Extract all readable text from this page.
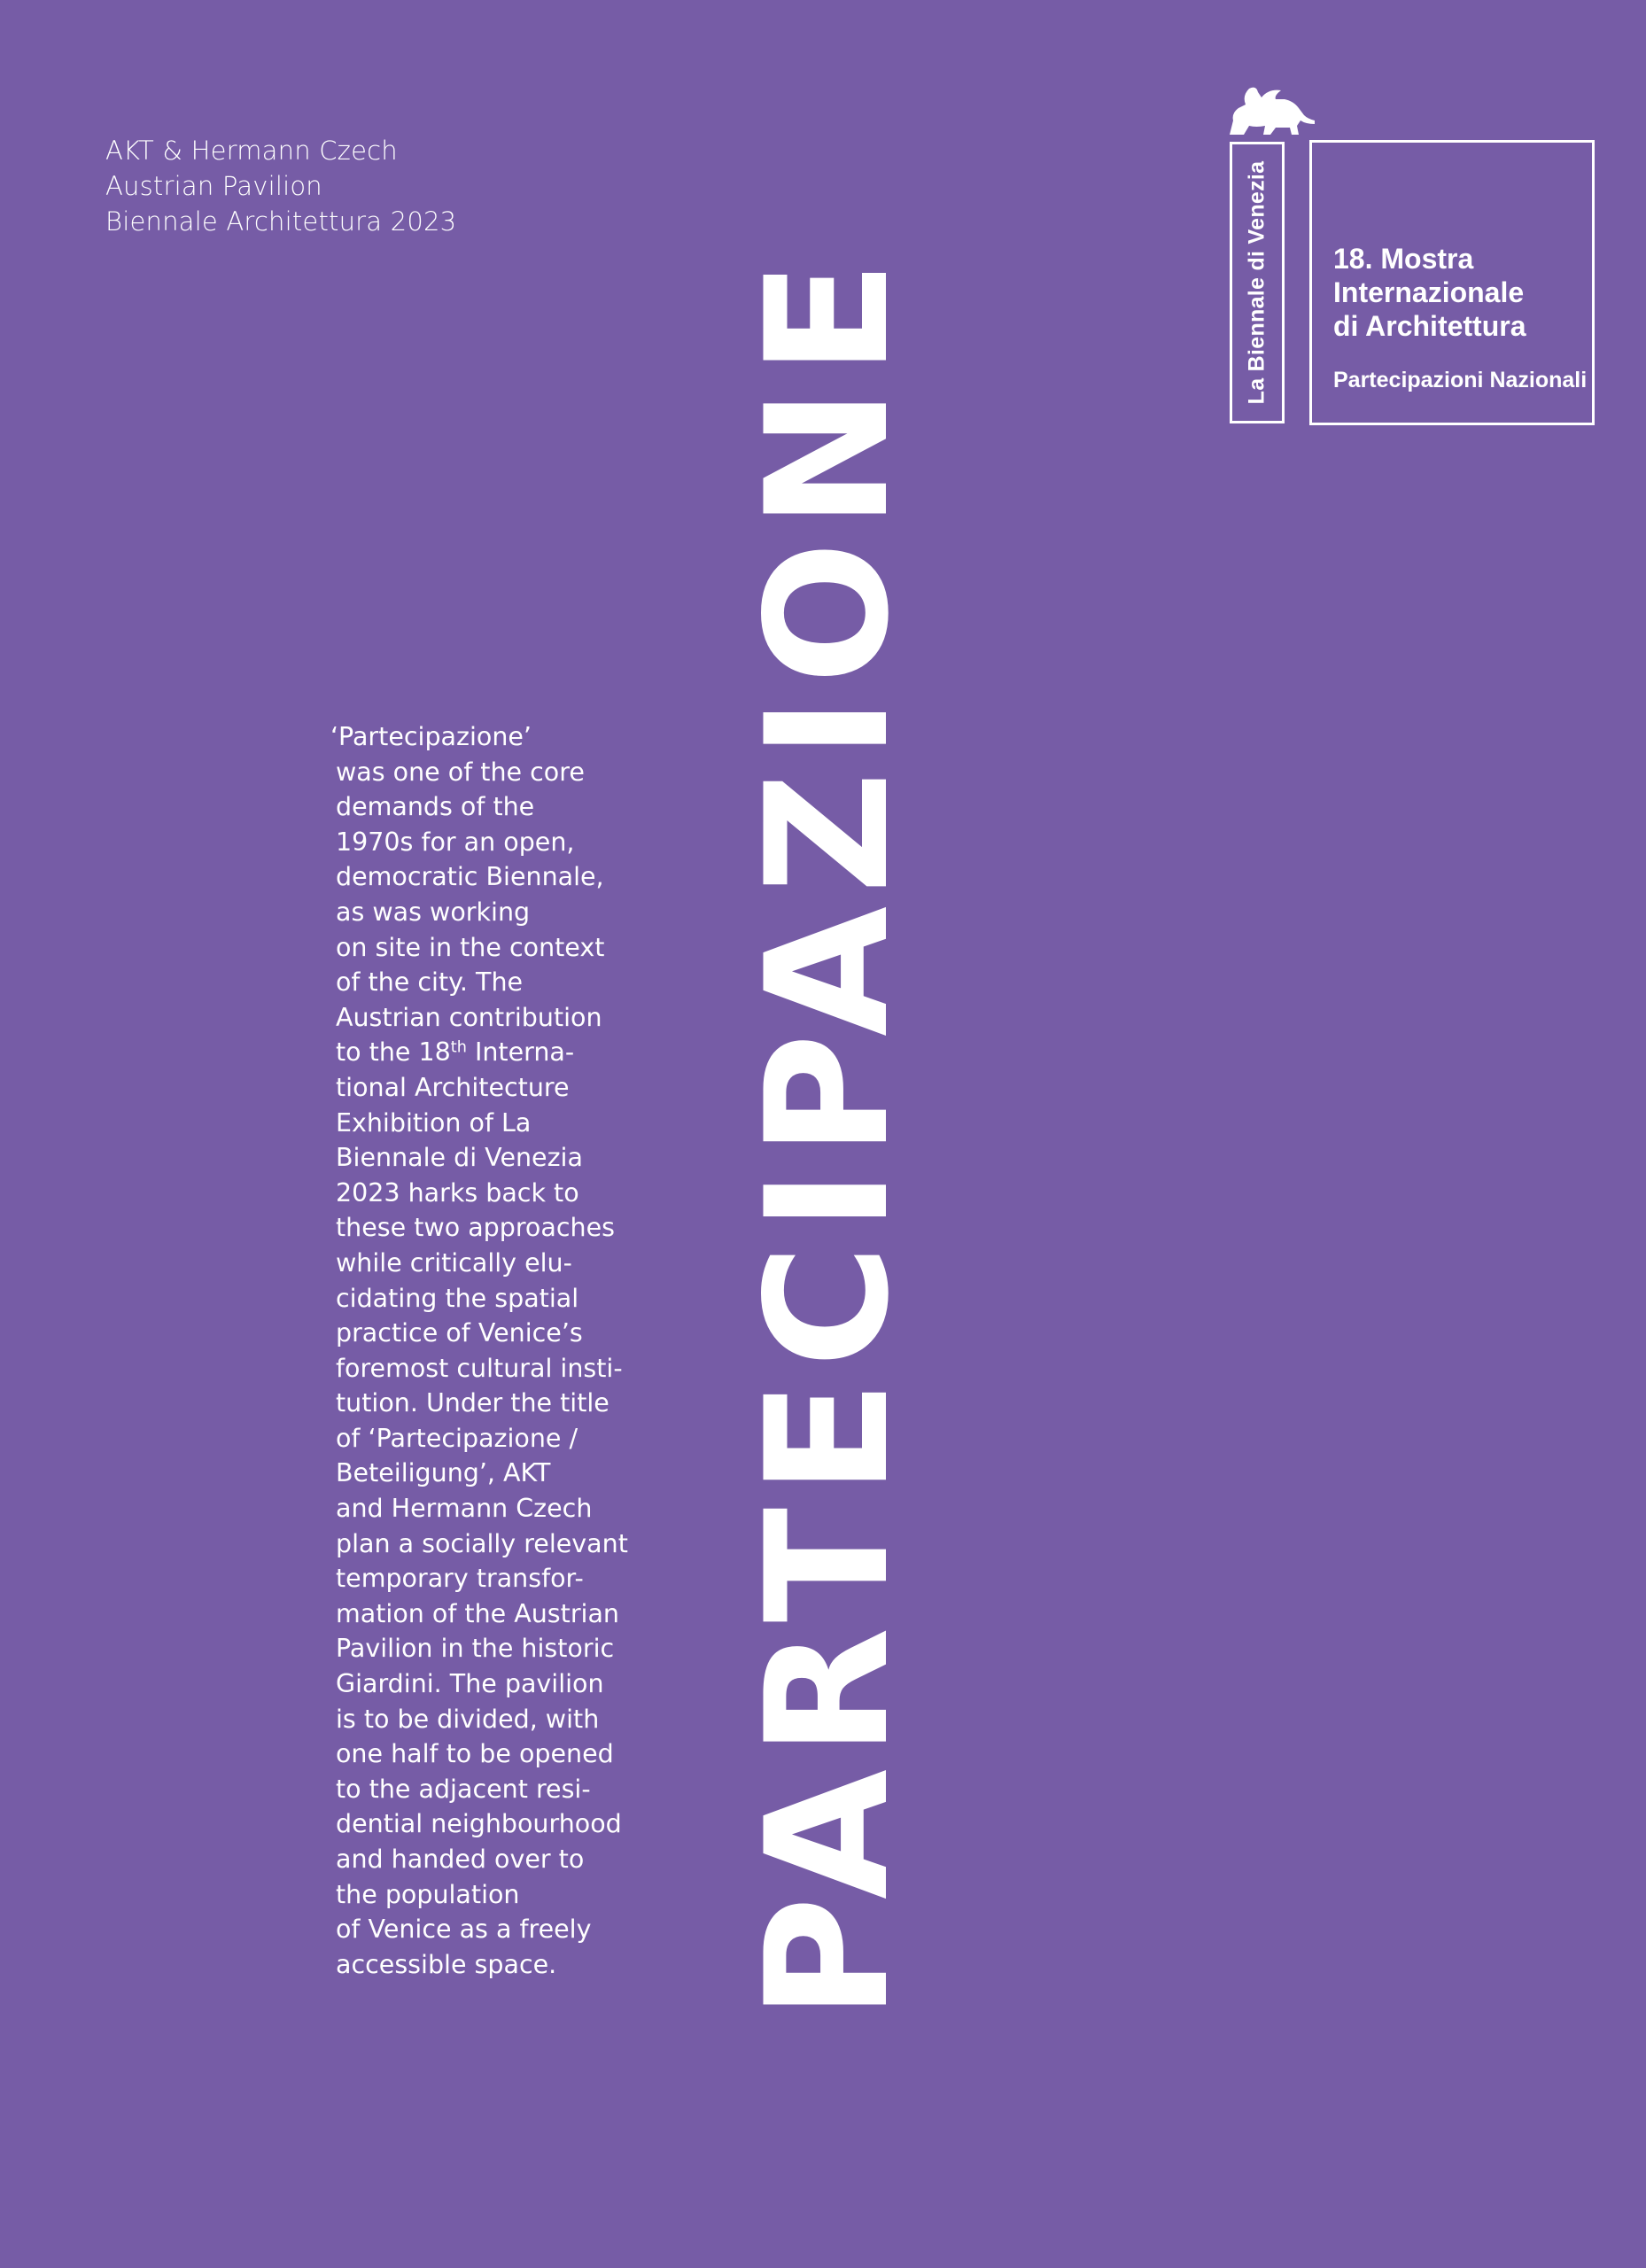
AKT & Hermann Czech
Austrian Pavilion
Biennale Architettura 2023
‘Partecipazione’
was one of the core
demands of the
1970s for an open,
democratic Biennale,
as was working
on site in the context
of the city. The
Austrian contribution
to the 18th Interna-
tional Architecture
Exhibition of La
Biennale di Venezia
2023 harks back to
these two approaches
while critically elu-
cidating the spatial
practice of Venice’s
foremost cultural insti-
tution. Under the title
of ‘Partecipazione /
Beteiligung’, AKT
and Hermann Czech
plan a socially relevant
temporary transfor-
mation of the Austrian
Pavilion in the historic
Giardini. The pavilion
is to be divided, with
one half to be opened
to the adjacent resi-
dential neighbourhood
and handed over to
the population
of Venice as a freely
accessible space.	PARTECIPAZIONE	La Biennale di Venezia 18. Mostra
Internazionale
di Architettura
Partecipazioni Nazionali
